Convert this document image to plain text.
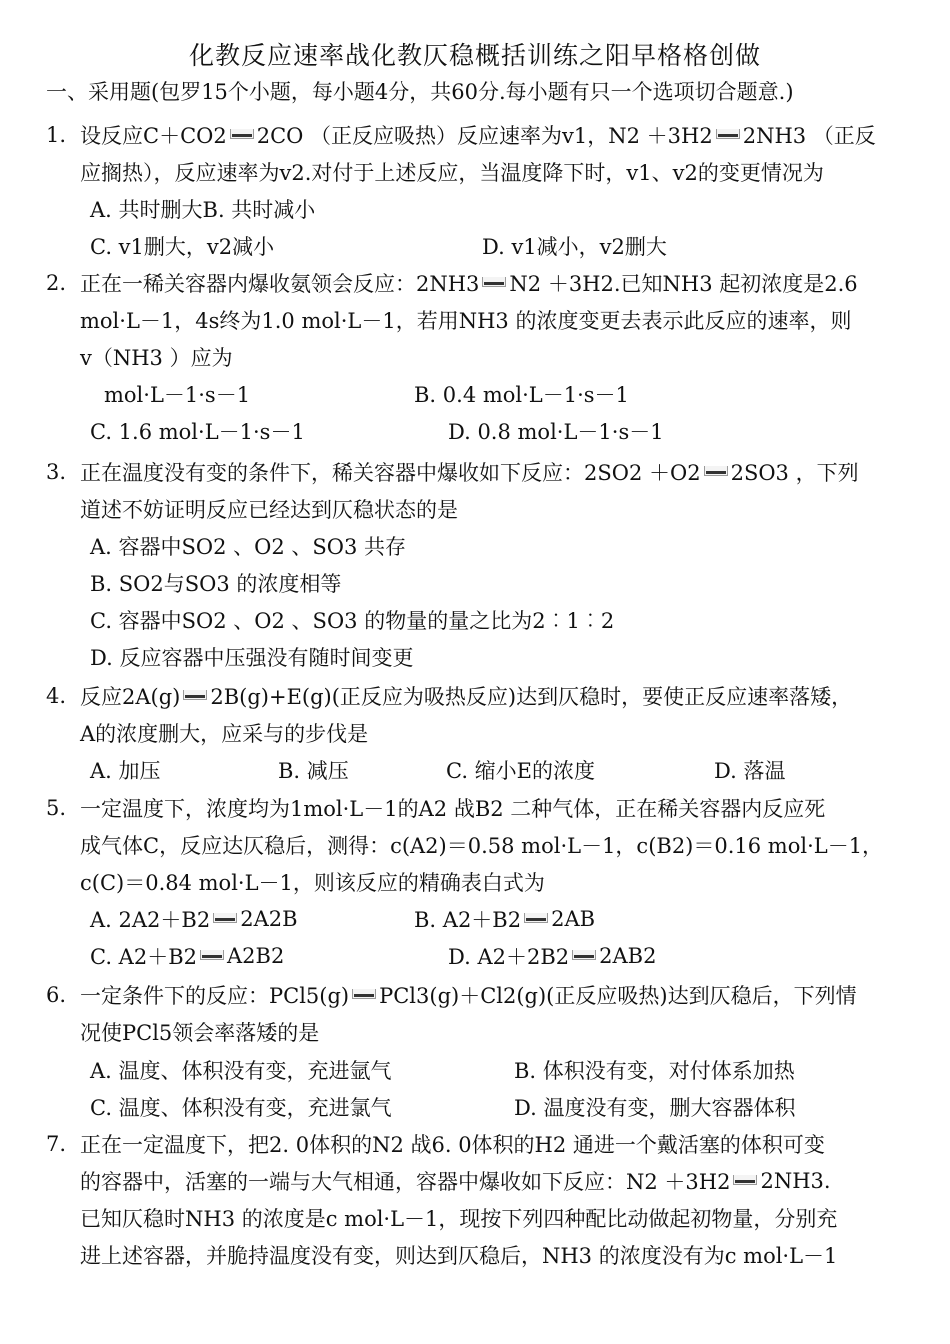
化教反应速率战化教仄稳概括训练之阳早格格创做
一、采用题(包罗15个小题，每小题4分，共60分.每小题有只一个选项切合题意.)
1. 设反应C＋CO2 2CO （正反应吸热）反应速率为v1，N2 ＋3H2 2NH3 （正反
应搁热），反应速率为v2.对付于上述反应，当温度降下时，v1、v2的变更情况为
A. 共时删大B. 共时减小
C. v1删大，v2减小	D. v1减小，v2删大
2. 正在一稀关容器内爆收氨领会反应：2NH3 N2 ＋3H2.已知NH3 起初浓度是2.6
mol·L－1，4s终为1.0 mol·L－1，若用NH3 的浓度变更去表示此反应的速率，则
v（NH3 ）应为
mol·L－1·s－1	B. 0.4 mol·L－1·s－1
C. 1.6 mol·L－1·s－1	D. 0.8 mol·L－1·s－1
3. 正在温度没有变的条件下，稀关容器中爆收如下反应：2SO2 ＋O2 2SO3 ，下列
道述不妨证明反应已经达到仄稳状态的是
A. 容器中SO2 、O2 、SO3 共存
B. SO2与SO3 的浓度相等
C. 容器中SO2 、O2 、SO3 的物量的量之比为2︰1︰2
D. 反应容器中压强没有随时间变更
4. 反应2A(g) 2B(g)+E(g)(正反应为吸热反应)达到仄稳时，要使正反应速率落矮，
A的浓度删大，应采与的步伐是
A. 加压	B. 减压	C. 缩小E的浓度	D. 落温
5. 一定温度下，浓度均为1mol·L－1的A2 战B2 二种气体，正在稀关容器内反应死
成气体C，反应达仄稳后，测得：c(A2)＝0.58 mol·L－1，c(B2)＝0.16 mol·L－1，
c(C)＝0.84 mol·L－1，则该反应的精确表白式为
A. 2A2＋B2 2A2B	B. A2＋B2 2AB
C. A2＋B2 A2B2	D. A2＋2B2 2AB2
6. 一定条件下的反应：PCl5(g) PCl3(g)＋Cl2(g)(正反应吸热)达到仄稳后，下列情
况使PCl5领会率落矮的是
A. 温度、体积没有变，充进氩气	B. 体积没有变，对付体系加热
C. 温度、体积没有变，充进氯气	D. 温度没有变，删大容器体积
7. 正在一定温度下，把2. 0体积的N2 战6. 0体积的H2 通进一个戴活塞的体积可变
的容器中，活塞的一端与大气相通，容器中爆收如下反应：N2 ＋3H2 2NH3.
已知仄稳时NH3 的浓度是c mol·L－1，现按下列四种配比动做起初物量，分别充
进上述容器，并脆持温度没有变，则达到仄稳后，NH3 的浓度没有为c mol·L－1
